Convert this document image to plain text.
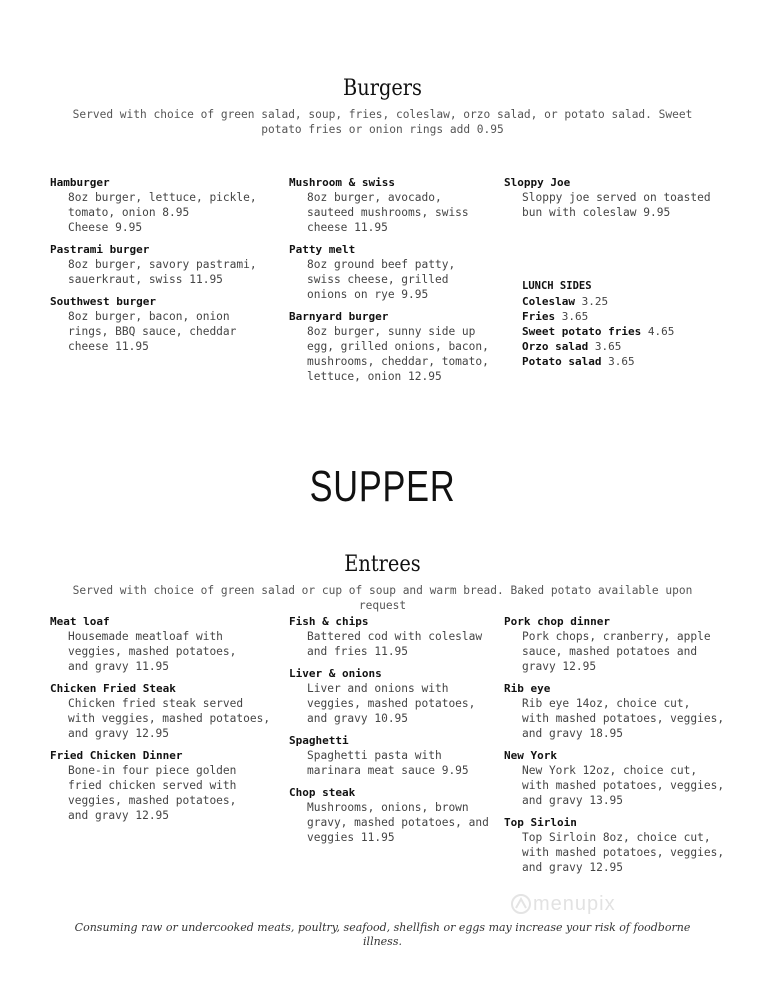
Burgers
Served with choice of green salad, soup, fries, coleslaw, orzo salad, or potato salad. Sweet potato fries or onion rings add 0.95
Hamburger
8oz burger, lettuce, pickle,
tomato, onion 8.95
Cheese 9.95
Pastrami burger
8oz burger, savory pastrami,
sauerkraut, swiss 11.95
Southwest burger
8oz burger, bacon, onion
rings, BBQ sauce, cheddar
cheese 11.95
Mushroom & swiss
8oz burger, avocado,
sauteed mushrooms, swiss
cheese 11.95
Patty melt
8oz ground beef patty,
swiss cheese, grilled
onions on rye 9.95
Barnyard burger
8oz burger, sunny side up
egg, grilled onions, bacon,
mushrooms, cheddar, tomato,
lettuce, onion 12.95
Sloppy Joe
Sloppy joe served on toasted
bun with coleslaw 9.95
LUNCH SIDES
Coleslaw 3.25
Fries 3.65
Sweet potato fries 4.65
Orzo salad 3.65
Potato salad 3.65
SUPPER
Entrees
Served with choice of green salad or cup of soup and warm bread. Baked potato available upon request
Meat loaf
Housemade meatloaf with
veggies, mashed potatoes,
and gravy 11.95
Chicken Fried Steak
Chicken fried steak served
with veggies, mashed potatoes,
and gravy 12.95
Fried Chicken Dinner
Bone-in four piece golden
fried chicken served with
veggies, mashed potatoes,
and gravy 12.95
Fish & chips
Battered cod with coleslaw
and fries 11.95
Liver & onions
Liver and onions with
veggies, mashed potatoes,
and gravy 10.95
Spaghetti
Spaghetti pasta with
marinara meat sauce 9.95
Chop steak
Mushrooms, onions, brown
gravy, mashed potatoes, and
veggies 11.95
Pork chop dinner
Pork chops, cranberry, apple
sauce, mashed potatoes and
gravy 12.95
Rib eye
Rib eye 14oz, choice cut,
with mashed potatoes, veggies,
and gravy 18.95
New York
New York 12oz, choice cut,
with mashed potatoes, veggies,
and gravy 13.95
Top Sirloin
Top Sirloin 8oz, choice cut,
with mashed potatoes, veggies,
and gravy 12.95
menupix
Consuming raw or undercooked meats, poultry, seafood, shellfish or eggs may increase your risk of foodborne illness.
